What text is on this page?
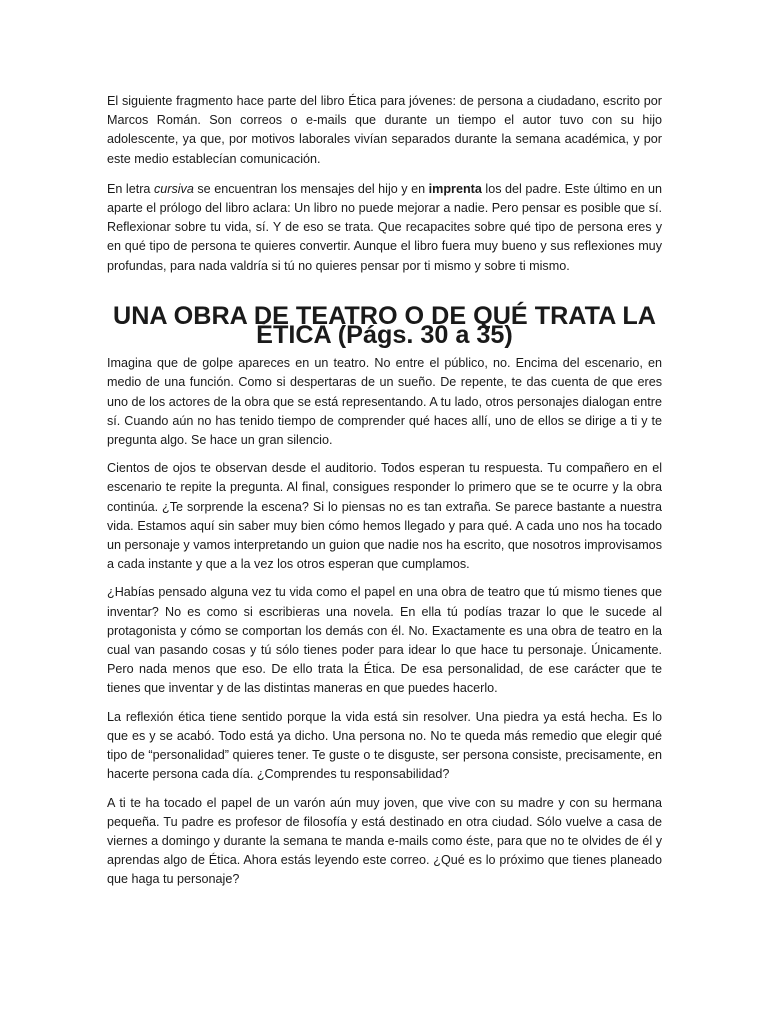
El siguiente fragmento hace parte del libro Ética para jóvenes: de persona a ciudadano, escrito por Marcos Román. Son correos o e-mails que durante un tiempo el autor tuvo con su hijo adolescente, ya que, por motivos laborales vivían separados durante la semana académica, y por este medio establecían comunicación.

En letra cursiva se encuentran los mensajes del hijo y en imprenta los del padre. Este último en un aparte el prólogo del libro aclara: Un libro no puede mejorar a nadie. Pero pensar es posible que sí. Reflexionar sobre tu vida, sí. Y de eso se trata. Que recapacites sobre qué tipo de persona eres y en qué tipo de persona te quieres convertir. Aunque el libro fuera muy bueno y sus reflexiones muy profundas, para nada valdría si tú no quieres pensar por ti mismo y sobre ti mismo.

UNA OBRA DE TEATRO O DE QUÉ TRATA LA ÉTICA (Págs. 30 a 35)

Imagina que de golpe apareces en un teatro. No entre el público, no. Encima del escenario, en medio de una función. Como si despertaras de un sueño. De repente, te das cuenta de que eres uno de los actores de la obra que se está representando. A tu lado, otros personajes dialogan entre sí. Cuando aún no has tenido tiempo de comprender qué haces allí, uno de ellos se dirige a ti y te pregunta algo. Se hace un gran silencio.

Cientos de ojos te observan desde el auditorio. Todos esperan tu respuesta. Tu compañero en el escenario te repite la pregunta. Al final, consigues responder lo primero que se te ocurre y la obra continúa. ¿Te sorprende la escena? Si lo piensas no es tan extraña. Se parece bastante a nuestra vida. Estamos aquí sin saber muy bien cómo hemos llegado y para qué. A cada uno nos ha tocado un personaje y vamos interpretando un guion que nadie nos ha escrito, que nosotros improvisamos a cada instante y que a la vez los otros esperan que cumplamos.

¿Habías pensado alguna vez tu vida como el papel en una obra de teatro que tú mismo tienes que inventar? No es como si escribieras una novela. En ella tú podías trazar lo que le sucede al protagonista y cómo se comportan los demás con él. No. Exactamente es una obra de teatro en la cual van pasando cosas y tú sólo tienes poder para idear lo que hace tu personaje. Únicamente. Pero nada menos que eso. De ello trata la Ética. De esa personalidad, de ese carácter que te tienes que inventar y de las distintas maneras en que puedes hacerlo.

La reflexión ética tiene sentido porque la vida está sin resolver. Una piedra ya está hecha. Es lo que es y se acabó. Todo está ya dicho. Una persona no. No te queda más remedio que elegir qué tipo de “personalidad” quieres tener. Te guste o te disguste, ser persona consiste, precisamente, en hacerte persona cada día. ¿Comprendes tu responsabilidad?

A ti te ha tocado el papel de un varón aún muy joven, que vive con su madre y con su hermana pequeña. Tu padre es profesor de filosofía y está destinado en otra ciudad. Sólo vuelve a casa de viernes a domingo y durante la semana te manda e-mails como éste, para que no te olvides de él y aprendas algo de Ética. Ahora estás leyendo este correo. ¿Qué es lo próximo que tienes planeado que haga tu personaje?
